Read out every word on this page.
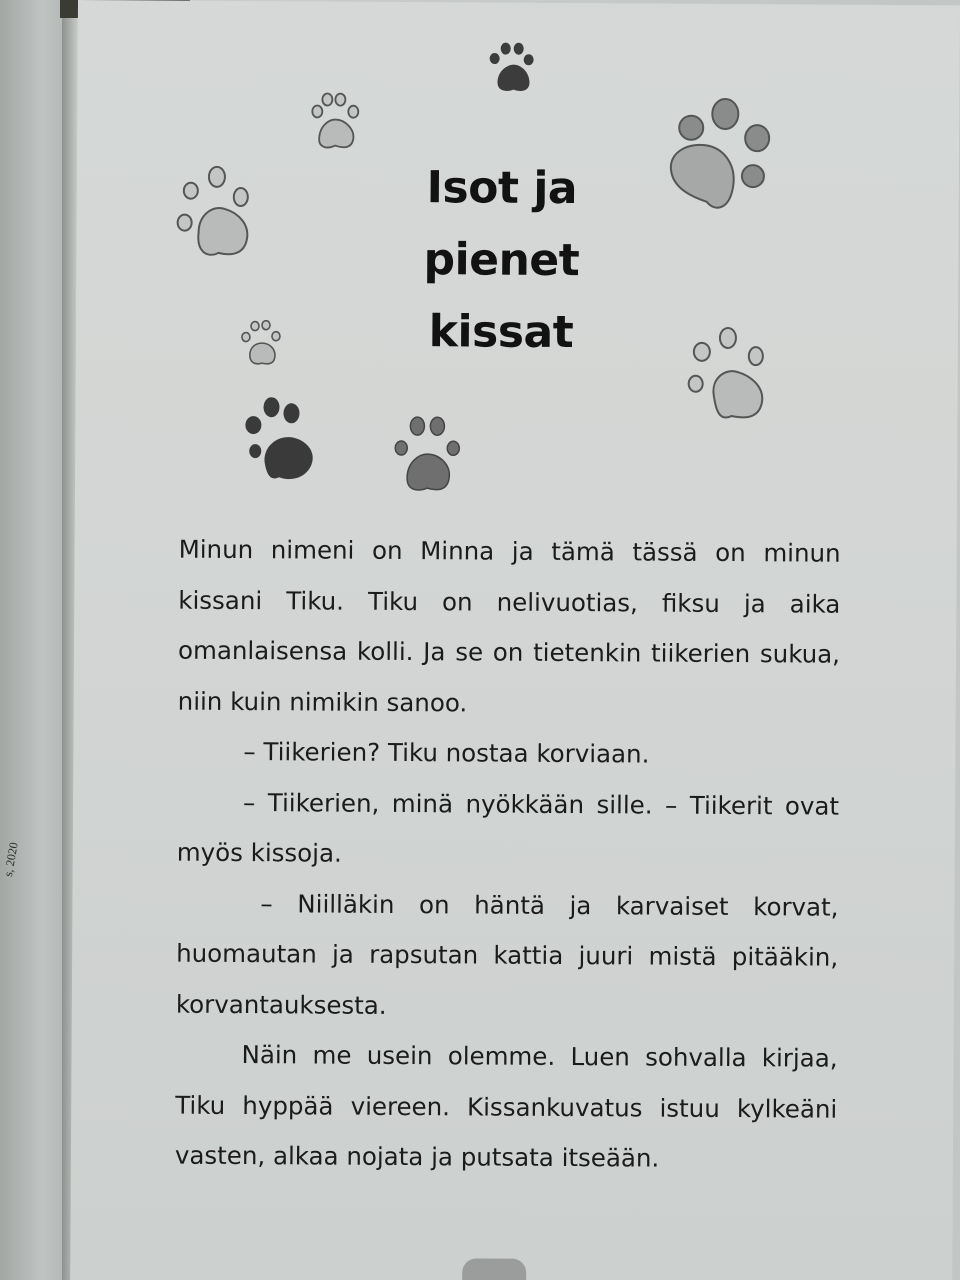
s, 2020
Isot ja
pienet
kissat

Minun nimeni on Minna ja tämä tässä on minun kissani Tiku. Tiku on nelivuotias, fiksu ja aika omanlaisensa kolli. Ja se on tietenkin tiikerien sukua, niin kuin nimikin sanoo.

– Tiikerien? Tiku nostaa korviaan.

– Tiikerien, minä nyökkään sille. – Tiikerit ovat myös kissoja.

– Niilläkin on häntä ja karvaiset korvat, huomautan ja rapsutan kattia juuri mistä pitääkin, korvantauksesta.

Näin me usein olemme. Luen sohvalla kirjaa, Tiku hyppää viereen. Kissankuvatus istuu kylkeäni vasten, alkaa nojata ja putsata itseään.
